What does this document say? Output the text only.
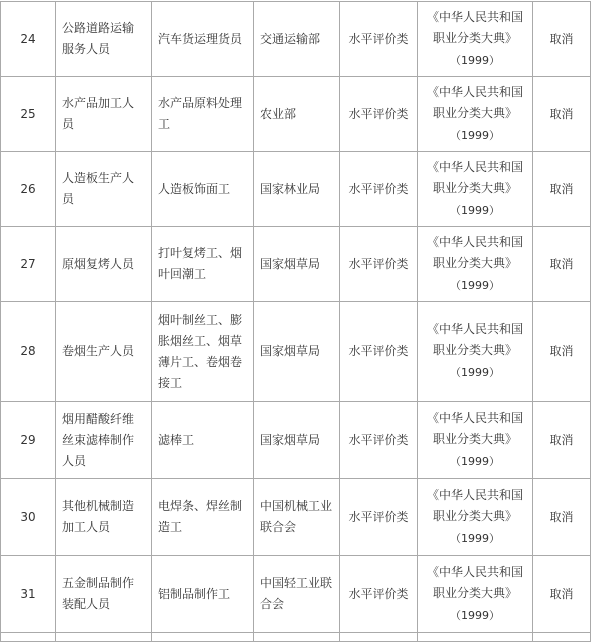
24	公路道路运输服务人员	汽车货运理货员	交通运输部	水平评价类	《中华人民共和国
职业分类大典》
（1999）	取消
25	水产品加工人员	水产品原料处理工	农业部	水平评价类	《中华人民共和国
职业分类大典》
（1999）	取消
26	人造板生产人员	人造板饰面工	国家林业局	水平评价类	《中华人民共和国
职业分类大典》
（1999）	取消
27	原烟复烤人员	打叶复烤工、烟叶回潮工	国家烟草局	水平评价类	《中华人民共和国
职业分类大典》
（1999）	取消
28	卷烟生产人员	烟叶制丝工、膨胀烟丝工、烟草薄片工、卷烟卷接工	国家烟草局	水平评价类	《中华人民共和国
职业分类大典》
（1999）	取消
29	烟用醋酸纤维丝束滤棒制作人员	滤棒工	国家烟草局	水平评价类	《中华人民共和国
职业分类大典》
（1999）	取消
30	其他机械制造加工人员	电焊条、焊丝制造工	中国机械工业联合会	水平评价类	《中华人民共和国
职业分类大典》
（1999）	取消
31	五金制品制作装配人员	铝制品制作工	中国轻工业联合会	水平评价类	《中华人民共和国
职业分类大典》
（1999）	取消
